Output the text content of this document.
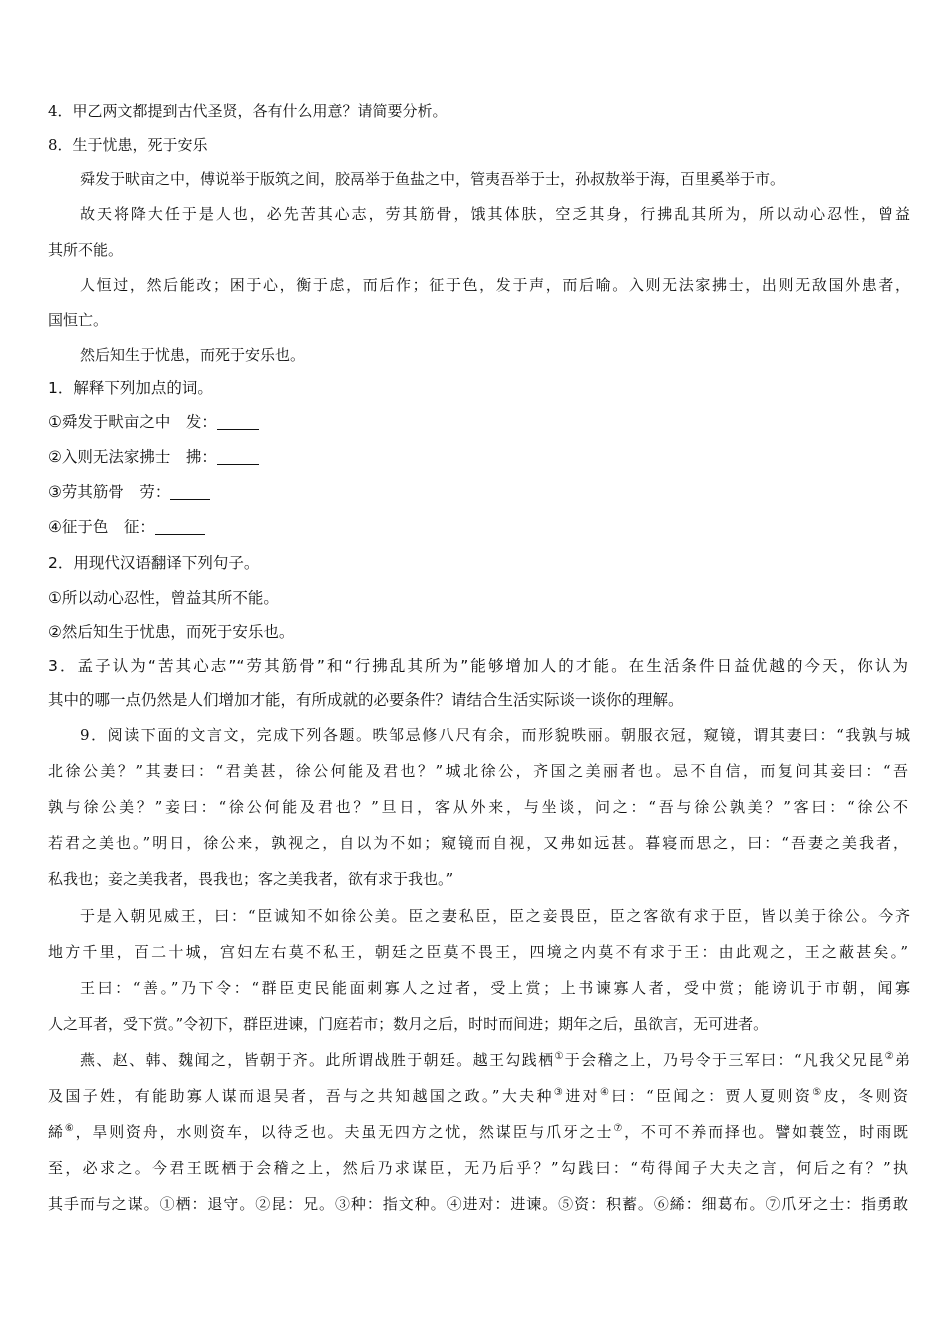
4．甲乙两文都提到古代圣贤，各有什么用意？请简要分析。
8．生于忧患，死于安乐
舜发于畎亩之中，傅说举于版筑之间，胶鬲举于鱼盐之中，管夷吾举于士，孙叔敖举于海，百里奚举于市。
故天将降大任于是人也，必先苦其心志，劳其筋骨，饿其体肤，空乏其身，行拂乱其所为，所以动心忍性，曾益
其所不能。
人恒过，然后能改；困于心，衡于虑，而后作；征于色，发于声，而后喻。入则无法家拂士，出则无敌国外患者，
国恒亡。
然后知生于忧患，而死于安乐也。
1．解释下列加点的词。
①舜发于畎亩之中　发：
②入则无法家拂士　拂：
③劳其筋骨　劳：
④征于色　征：
2．用现代汉语翻译下列句子。
①所以动心忍性，曾益其所不能。
②然后知生于忧患，而死于安乐也。
3．孟子认为“苦其心志”“劳其筋骨”和“行拂乱其所为”能够增加人的才能。在生活条件日益优越的今天，你认为
其中的哪一点仍然是人们增加才能，有所成就的必要条件？请结合生活实际谈一谈你的理解。
9．阅读下面的文言文，完成下列各题。昳邹忌修八尺有余，而形貌昳丽。朝服衣冠，窥镜，谓其妻曰：“我孰与城
北徐公美？”其妻曰：“君美甚，徐公何能及君也？”城北徐公，齐国之美丽者也。忌不自信，而复问其妾曰：“吾
孰与徐公美？”妾曰：“徐公何能及君也？”旦日，客从外来，与坐谈，问之：“吾与徐公孰美？”客曰：“徐公不
若君之美也。”明日，徐公来，孰视之，自以为不如；窥镜而自视，又弗如远甚。暮寝而思之，曰：“吾妻之美我者，
私我也；妾之美我者，畏我也；客之美我者，欲有求于我也。”
于是入朝见威王，曰：“臣诚知不如徐公美。臣之妻私臣，臣之妾畏臣，臣之客欲有求于臣，皆以美于徐公。今齐
地方千里，百二十城，宫妇左右莫不私王，朝廷之臣莫不畏王，四境之内莫不有求于王：由此观之，王之蔽甚矣。”
王曰：“善。”乃下令：“群臣吏民能面刺寡人之过者，受上赏；上书谏寡人者，受中赏；能谤讥于市朝，闻寡
人之耳者，受下赏。”令初下，群臣进谏，门庭若市；数月之后，时时而间进；期年之后，虽欲言，无可进者。
燕、赵、韩、魏闻之，皆朝于齐。此所谓战胜于朝廷。越王勾践栖①于会稽之上，乃号令于三军曰：“凡我父兄昆②弟
及国子姓，有能助寡人谋而退吴者，吾与之共知越国之政。”大夫种③进对④曰：“臣闻之：贾人夏则资⑤皮，冬则资
絺⑥，旱则资舟，水则资车，以待乏也。夫虽无四方之忧，然谋臣与爪牙之士⑦，不可不养而择也。譬如蓑笠，时雨既
至，必求之。今君王既栖于会稽之上，然后乃求谋臣，无乃后乎？”勾践曰：“苟得闻子大夫之言，何后之有？”执
其手而与之谋。①栖：退守。②昆：兄。③种：指文种。④进对：进谏。⑤资：积蓄。⑥絺：细葛布。⑦爪牙之士：指勇敢
